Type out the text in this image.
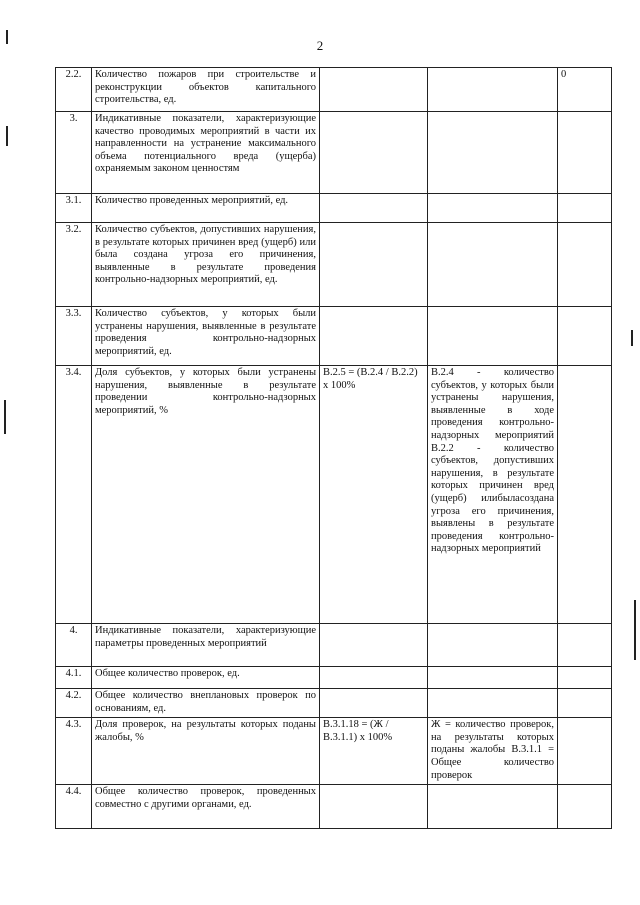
2
2.2.	Количество пожаров при строительстве и реконструкции объектов капитального строительства, ед.			0
3.	Индикативные показатели, характеризующие качество проводимых мероприятий в части их направленности на устранение максимального объема потенциального вреда (ущерба) охраняемым законом ценностям			
3.1.	Количество проведенных мероприятий, ед.			
3.2.	Количество субъектов, допустивших нарушения, в результате которых причинен вред (ущерб) или была создана угроза его причинения, выявленные в результате проведения контрольно-надзорных мероприятий, ед.			
3.3.	Количество субъектов, у которых были устранены нарушения, выявленные в результате проведения контрольно-надзорных мероприятий, ед.			
3.4.	Доля субъектов, у которых были устранены нарушения, выявленные в результате проведении контрольно-надзорных мероприятий, %	В.2.5 = (В.2.4 / В.2.2) x 100%	В.2.4 - количество субъектов, у которых были устранены нарушения, выявленные в ходе проведения контрольно-надзорных мероприятий В.2.2 - количество субъектов, допустивших нарушения, в результате которых причинен вред (ущерб) илибыласоздана угроза его причинения, выявлены в результате проведения контрольно-надзорных мероприятий	
4.	Индикативные показатели, характеризующие параметры проведенных мероприятий			
4.1.	Общее количество проверок, ед.			
4.2.	Общее количество внеплановых проверок по основаниям, ед.			
4.3.	Доля проверок, на результаты которых поданы жалобы, %	В.3.1.18 = (Ж / В.3.1.1) x 100%	Ж = количество проверок, на результаты которых поданы жалобы В.3.1.1 = Общее количество проверок	
4.4.	Общее количество проверок, проведенных совместно с другими органами, ед.			
